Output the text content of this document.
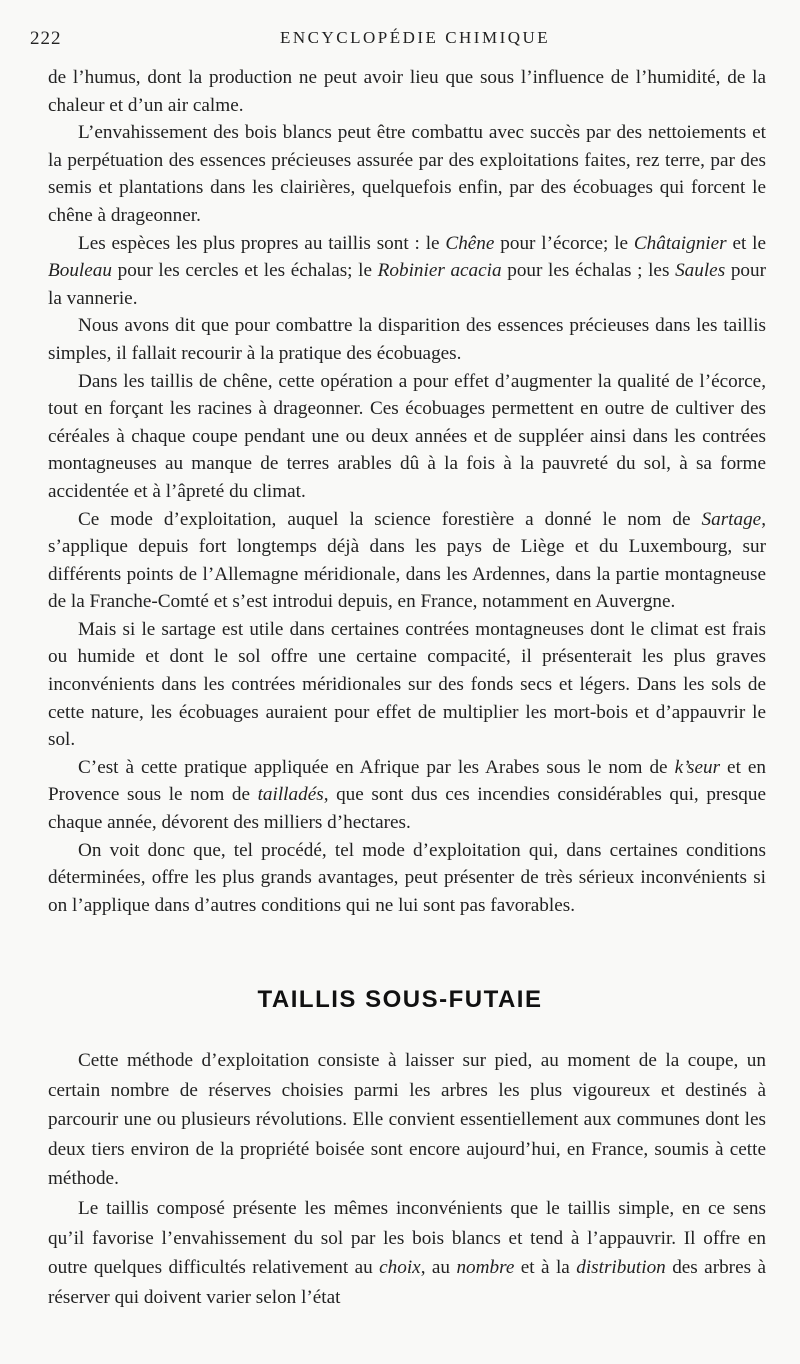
222	ENCYCLOPÉDIE CHIMIQUE

de l’humus, dont la production ne peut avoir lieu que sous l’influence de l’humidité, de la chaleur et d’un air calme.

L’envahissement des bois blancs peut être combattu avec succès par des nettoiements et la perpétuation des essences précieuses assurée par des exploitations faites, rez terre, par des semis et plantations dans les clairières, quelquefois enfin, par des écobuages qui forcent le chêne à drageonner.

Les espèces les plus propres au taillis sont : le Chêne pour l’écorce; le Châtaignier et le Bouleau pour les cercles et les échalas; le Robinier acacia pour les échalas ; les Saules pour la vannerie.

Nous avons dit que pour combattre la disparition des essences précieuses dans les taillis simples, il fallait recourir à la pratique des écobuages.

Dans les taillis de chêne, cette opération a pour effet d’augmenter la qualité de l’écorce, tout en forçant les racines à drageonner. Ces écobuages permettent en outre de cultiver des céréales à chaque coupe pendant une ou deux années et de suppléer ainsi dans les contrées montagneuses au manque de terres arables dû à la fois à la pauvreté du sol, à sa forme accidentée et à l’âpreté du climat.

Ce mode d’exploitation, auquel la science forestière a donné le nom de Sartage, s’applique depuis fort longtemps déjà dans les pays de Liège et du Luxembourg, sur différents points de l’Allemagne méridionale, dans les Ardennes, dans la partie montagneuse de la Franche-Comté et s’est introdui depuis, en France, notamment en Auvergne.

Mais si le sartage est utile dans certaines contrées montagneuses dont le climat est frais ou humide et dont le sol offre une certaine compacité, il présenterait les plus graves inconvénients dans les contrées méridionales sur des fonds secs et légers. Dans les sols de cette nature, les écobuages auraient pour effet de multiplier les mort-bois et d’appauvrir le sol.

C’est à cette pratique appliquée en Afrique par les Arabes sous le nom de k’seur et en Provence sous le nom de tailladés, que sont dus ces incendies considérables qui, presque chaque année, dévorent des milliers d’hectares.

On voit donc que, tel procédé, tel mode d’exploitation qui, dans certaines conditions déterminées, offre les plus grands avantages, peut présenter de très sérieux inconvénients si on l’applique dans d’autres conditions qui ne lui sont pas favorables.

TAILLIS SOUS-FUTAIE

Cette méthode d’exploitation consiste à laisser sur pied, au moment de la coupe, un certain nombre de réserves choisies parmi les arbres les plus vigoureux et destinés à parcourir une ou plusieurs révolutions. Elle convient essentiellement aux communes dont les deux tiers environ de la propriété boisée sont encore aujourd’hui, en France, soumis à cette méthode.

Le taillis composé présente les mêmes inconvénients que le taillis simple, en ce sens qu’il favorise l’envahissement du sol par les bois blancs et tend à l’appauvrir. Il offre en outre quelques difficultés relativement au choix, au nombre et à la distribution des arbres à réserver qui doivent varier selon l’état
